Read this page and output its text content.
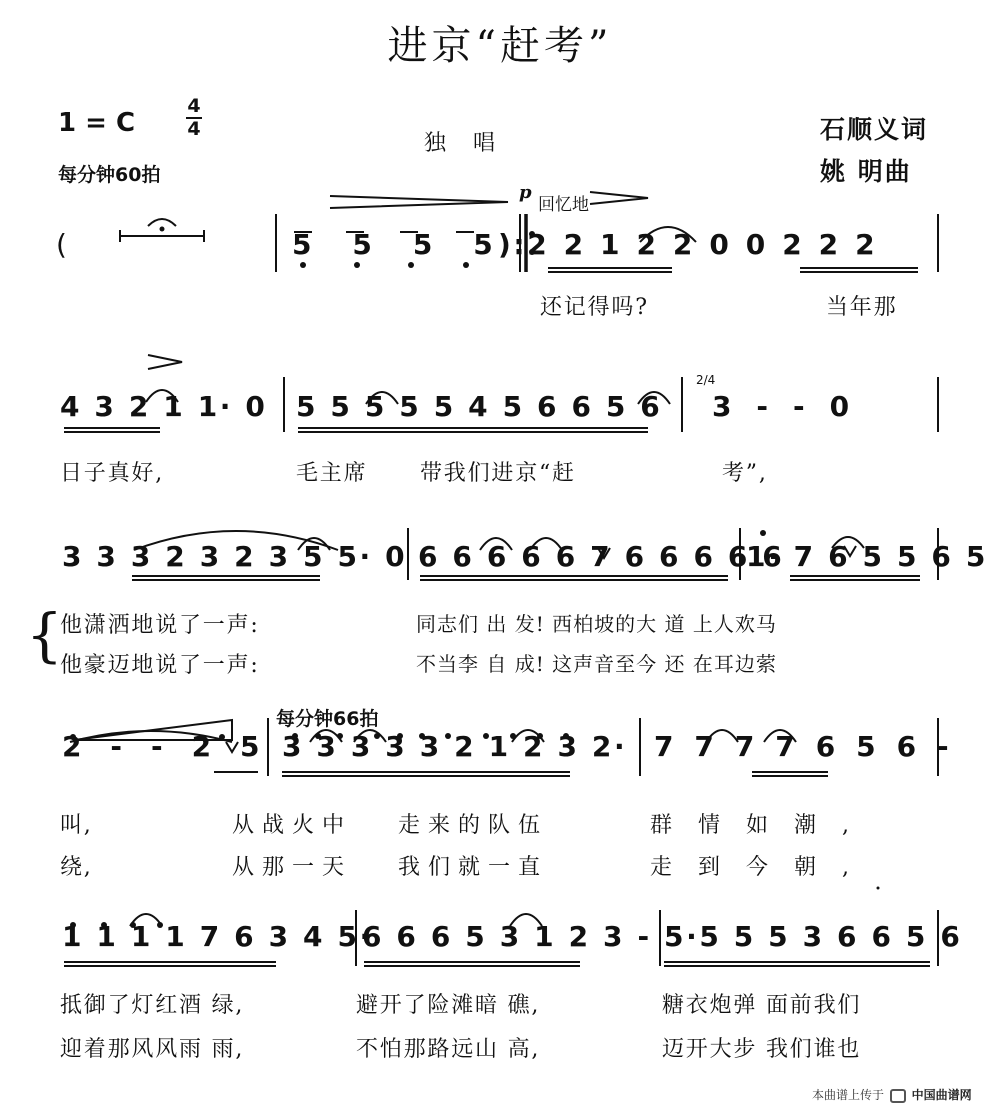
进京“赶考”
1 = C
4
4
每分钟60拍
独 唱	石顺义词
姚 明曲
p
回忆地
每分钟66拍
2/4
(	5 5 5 5 ):2 2 1 2 2 0 0 2 2 2
还记得吗?	当年那
4 3 2 1 1· 0 5 5 5 5 5 4 5 6 6 5 6 3 - - 0
日子真好,	毛主席 带我们进京“赶	考”,
3 3 3 2 3 2 3 5 5· 0 6 6 6 6 6 7 6 6 6 6 6
1· 7 6 5 5 6 5
{
他潇洒地说了一声:	同志们 出 发! 西柏坡的大 道 上人欢马
他豪迈地说了一声:	不当李 自 成! 这声音至今 还 在耳边萦
2 - - 2 5 3 3 3 3 3 2 1 2 3 2· 7 7 7 7 6 5 6 -
叫,	从战火中 走来的队伍	群情如潮,
绕,	从那一天 我们就一直	走到今朝,
1 1 1 1 7 6 3 4 5·
6 6 6 5 3 1 2 3 - 5·5 5 5 3 6 6 5 6
抵御了灯红酒 绿,	避开了险滩暗 礁,	糖衣炮弹 面前我们
迎着那风风雨 雨,	不怕那路远山 高,	迈开大步 我们谁也
本曲谱上传于 中国曲谱网
